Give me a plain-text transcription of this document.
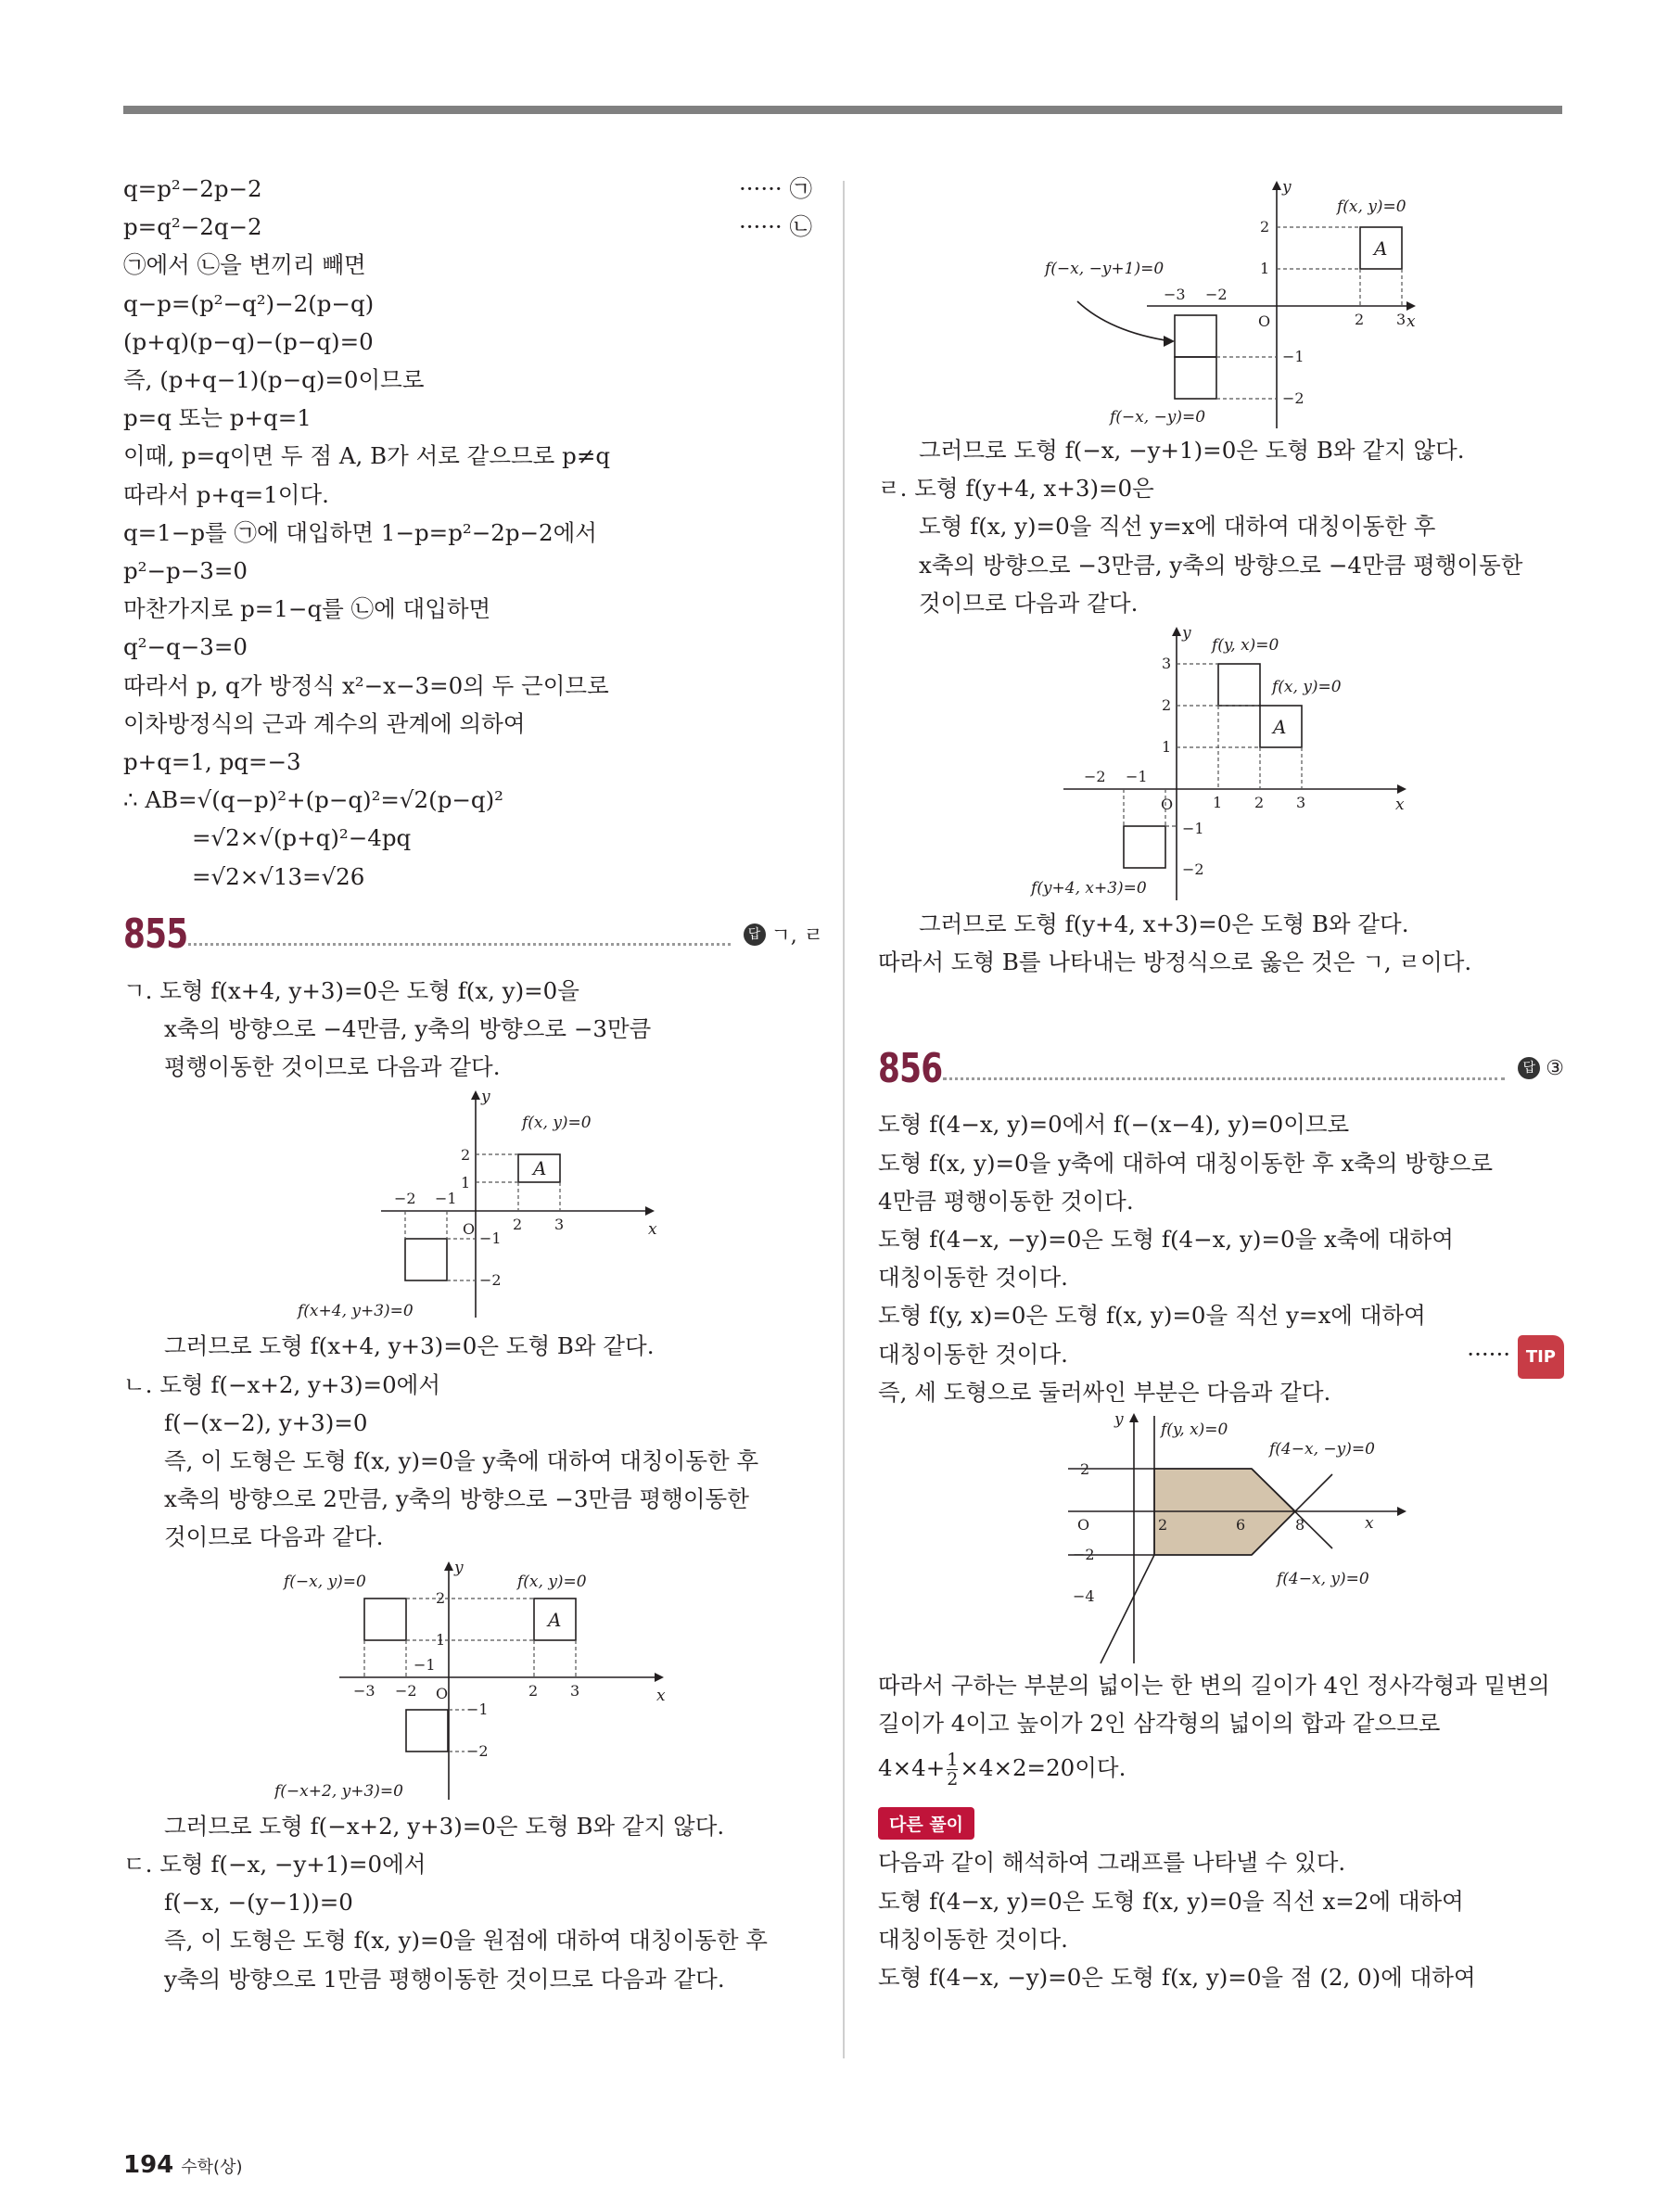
q=p²−2p−2	······ ㉠
p=q²−2q−2	······ ㉡
㉠에서 ㉡을 변끼리 빼면
q−p=(p²−q²)−2(p−q)
(p+q)(p−q)−(p−q)=0
즉, (p+q−1)(p−q)=0이므로
p=q 또는 p+q=1
이때, p=q이면 두 점 A, B가 서로 같으므로 p≠q
따라서 p+q=1이다.
q=1−p를 ㉠에 대입하면 1−p=p²−2p−2에서
p²−p−3=0
마찬가지로 p=1−q를 ㉡에 대입하면
q²−q−3=0
따라서 p, q가 방정식 x²−x−3=0의 두 근이므로
이차방정식의 근과 계수의 관계에 의하여
p+q=1, pq=−3
∴ AB=√(q−p)²+(p−q)²=√2(p−q)²
=√2×√(p+q)²−4pq
=√2×√13=√26
855	답 ㄱ, ㄹ
ㄱ. 도형 f(x+4, y+3)=0은 도형 f(x, y)=0을
x축의 방향으로 −4만큼, y축의 방향으로 −3만큼
평행이동한 것이므로 다음과 같다.
y
x
A
f(x, y)=0
f(x+4, y+3)=0
O
2
1
−2 −1
2 3
−1
−2
그러므로 도형 f(x+4, y+3)=0은 도형 B와 같다.
ㄴ. 도형 f(−x+2, y+3)=0에서
f(−(x−2), y+3)=0
즉, 이 도형은 도형 f(x, y)=0을 y축에 대하여 대칭이동한 후
x축의 방향으로 2만큼, y축의 방향으로 −3만큼 평행이동한
것이므로 다음과 같다.
y
x
A
f(−x, y)=0	f(x, y)=0
f(−x+2, y+3)=0
O
2
1
−1
−3 −2	2 3
−1
−2
그러므로 도형 f(−x+2, y+3)=0은 도형 B와 같지 않다.
ㄷ. 도형 f(−x, −y+1)=0에서
f(−x, −(y−1))=0
즉, 이 도형은 도형 f(x, y)=0을 원점에 대하여 대칭이동한 후
y축의 방향으로 1만큼 평행이동한 것이므로 다음과 같다.
y
x
A
f(x, y)=0
f(−x, −y+1)=0
f(−x, −y)=0
O
2
1
−3 −2
2 3
−1
−2
그러므로 도형 f(−x, −y+1)=0은 도형 B와 같지 않다.
ㄹ. 도형 f(y+4, x+3)=0은
도형 f(x, y)=0을 직선 y=x에 대하여 대칭이동한 후
x축의 방향으로 −3만큼, y축의 방향으로 −4만큼 평행이동한
것이므로 다음과 같다.
y
x
A
f(y, x)=0
f(x, y)=0
f(y+4, x+3)=0
O
3
2
1
−2 −1
1 2 3
−1
−2
그러므로 도형 f(y+4, x+3)=0은 도형 B와 같다.
따라서 도형 B를 나타내는 방정식으로 옳은 것은 ㄱ, ㄹ이다.
856	답 ③
도형 f(4−x, y)=0에서 f(−(x−4), y)=0이므로
도형 f(x, y)=0을 y축에 대하여 대칭이동한 후 x축의 방향으로
4만큼 평행이동한 것이다.
도형 f(4−x, −y)=0은 도형 f(4−x, y)=0을 x축에 대하여
대칭이동한 것이다.
도형 f(y, x)=0은 도형 f(x, y)=0을 직선 y=x에 대하여
대칭이동한 것이다.	······ TIP
즉, 세 도형으로 둘러싸인 부분은 다음과 같다.
y
x
f(y, x)=0
f(4−x, −y)=0
f(4−x, y)=0
O
2
2	6	8
−2
−4
따라서 구하는 부분의 넓이는 한 변의 길이가 4인 정사각형과 밑변의
길이가 4이고 높이가 2인 삼각형의 넓이의 합과 같으므로
$4\times 4+ \frac{1}{2} \times 4\times 2=20$이다.
다른 풀이
다음과 같이 해석하여 그래프를 나타낼 수 있다.
도형 f(4−x, y)=0은 도형 f(x, y)=0을 직선 x=2에 대하여
대칭이동한 것이다.
도형 f(4−x, −y)=0은 도형 f(x, y)=0을 점 (2, 0)에 대하여
194 수학(상)
